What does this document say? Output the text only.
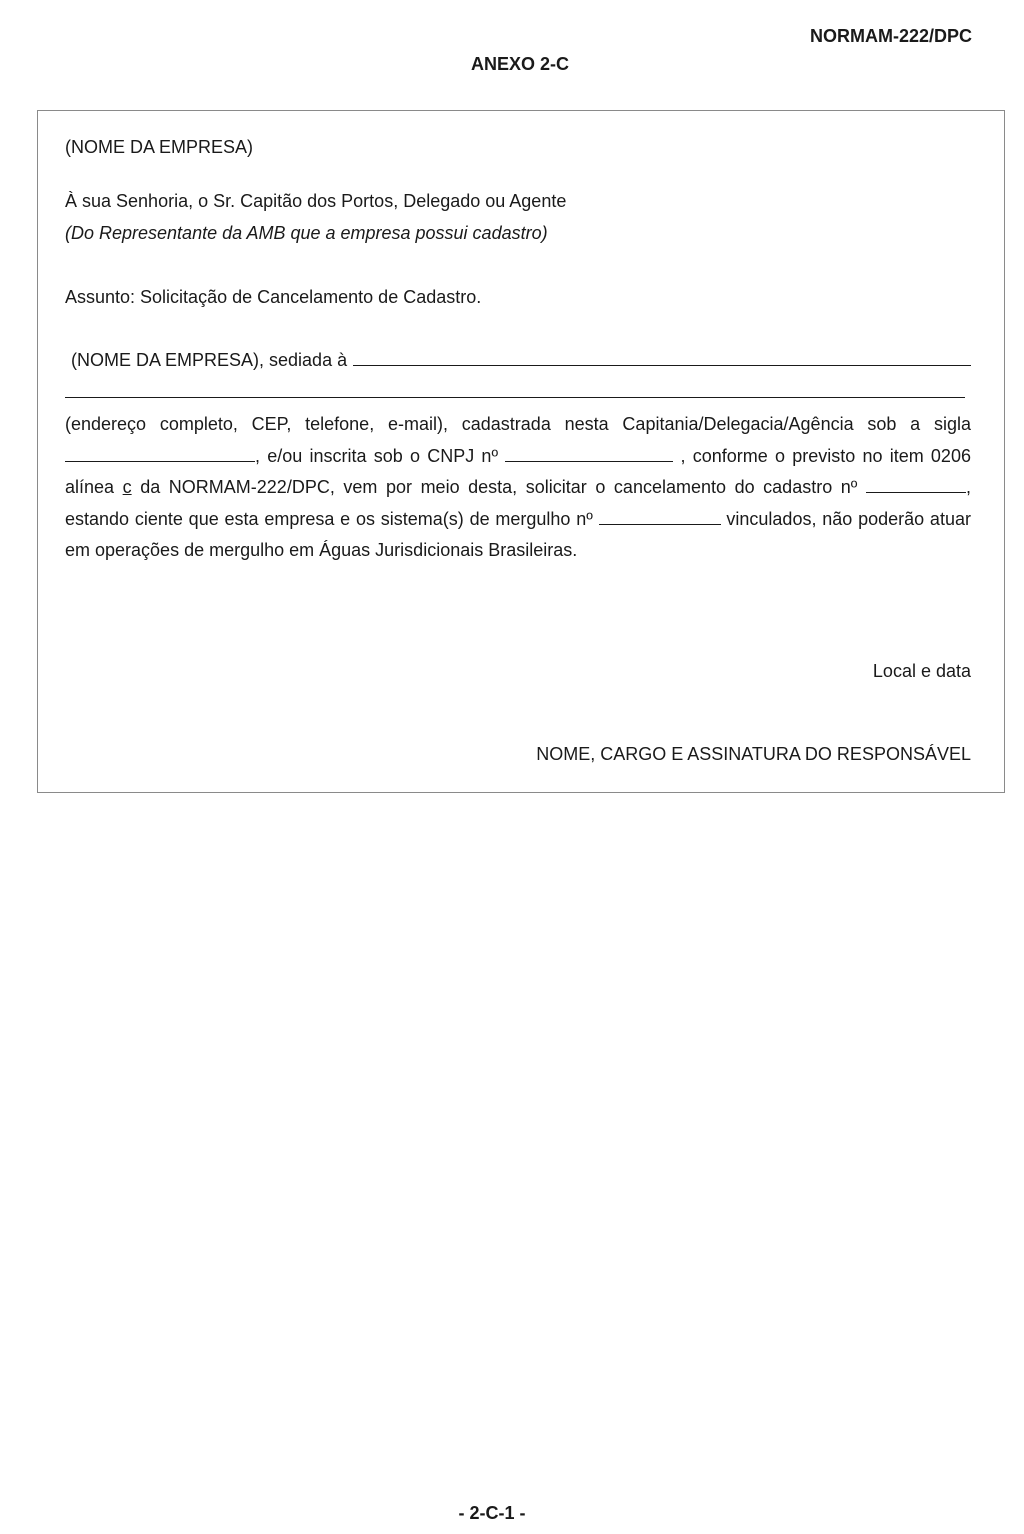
NORMAM-222/DPC
ANEXO 2-C
(NOME DA EMPRESA)
À sua Senhoria, o Sr. Capitão dos Portos, Delegado ou Agente
(Do Representante da AMB que a empresa possui cadastro)
Assunto: Solicitação de Cancelamento de Cadastro.
(NOME DA EMPRESA), sediada à
(endereço completo, CEP, telefone, e-mail), cadastrada nesta Capitania/Delegacia/Agência sob a sigla , e/ou inscrita sob o CNPJ nº	, conforme o previsto no item 0206 alínea c da NORMAM-222/DPC, vem por meio desta, solicitar o cancelamento do cadastro nº	, estando ciente que esta empresa e os sistema(s) de mergulho nº	vinculados, não poderão atuar em operações de mergulho em Águas Jurisdicionais Brasileiras.
Local e data
NOME, CARGO E ASSINATURA DO RESPONSÁVEL
- 2-C-1 -
